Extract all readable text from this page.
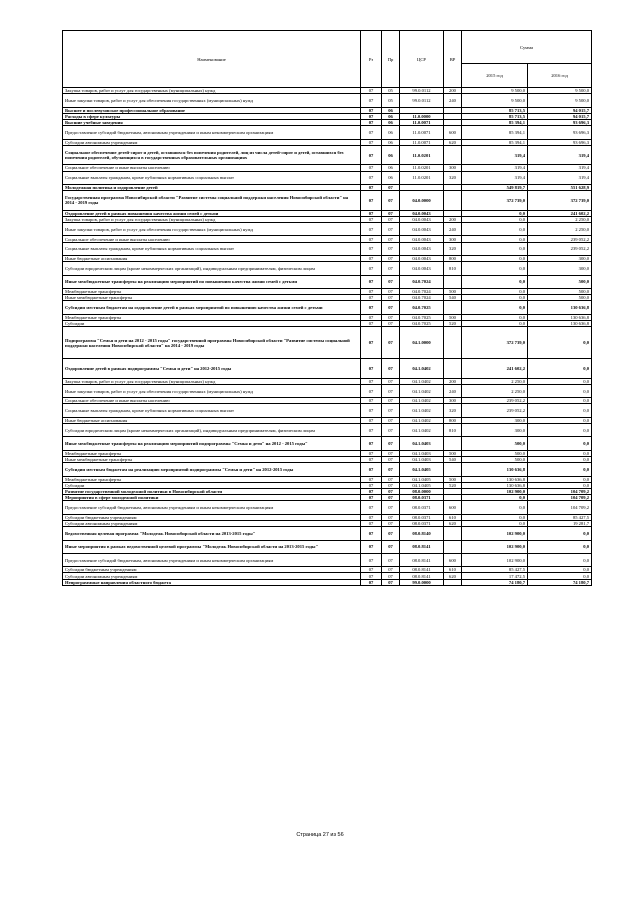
Наименование	Рз	Пр	ЦСР	ВР	Сумма	
					2015 год	2016 год
Закупка товаров, работ и услуг для государственных (муниципальных) нужд	07	05	99.0.0112	200	9 500,0	9 500,0
Иные закупки товаров, работ и услуг для обеспечения государственных (муниципальных) нужд	07	05	99.0.0112	240	9 500,0	9 500,0
Высшее и послевузовское профессиональное образование	07	06			85 713,5	94 015,7
Расходы в сфере культуры	07	06	11.0.0000		85 713,5	94 015,7
Высшие учебные заведения	07	06	11.0.0071		85 394,1	93 696,3
Предоставление субсидий бюджетным, автономным учреждениям и иным некоммерческим организациям	07	06	11.0.0071	600	85 394,1	93 696,3
Субсидии автономным учреждениям	07	06	11.0.0071	620	85 394,1	93 696,3
Социальное обеспечение детей-сирот и детей, оставшихся без попечения родителей, лиц из числа детей-сирот и детей, оставшихся без попечения родителей, обучающихся в государственных образовательных организациях	07	06	11.0.0201		319,4	319,4
Социальное обеспечение и иные выплаты населению	07	06	11.0.0201	300	319,4	319,4
Социальные выплаты гражданам, кроме публичных нормативных социальных выплат	07	06	11.0.0201	320	319,4	319,4
Молодежная политика и оздоровление детей	07	07			549 819,7	551 628,9
Государственная программа Новосибирской области "Развитие системы социальной поддержки населения Новосибирской области" на 2014 - 2019 годы	07	07	04.0.0000		372 739,0	372 739,0
Оздоровление детей в рамках повышения качества жизни семей с детьми	07	07	04.0.0043		0,0	241 602,2
Закупка товаров, работ и услуг для государственных (муниципальных) нужд	07	07	04.0.0043	200	0,0	2 250,0
Иные закупки товаров, работ и услуг для обеспечения государственных (муниципальных) нужд	07	07	04.0.0043	240	0,0	2 250,0
Социальное обеспечение и иные выплаты населению	07	07	04.0.0043	300	0,0	239 052,2
Социальные выплаты гражданам, кроме публичных нормативных социальных выплат	07	07	04.0.0043	320	0,0	239 052,2
Иные бюджетные ассигнования	07	07	04.0.0043	800	0,0	300,0
Субсидии юридическим лицам (кроме некоммерческих организаций), индивидуальным предпринимателям, физическим лицам	07	07	04.0.0043	810	0,0	300,0
Иные межбюджетные трансферты на реализацию мероприятий по повышению качества жизни семей с детьми	07	07	04.0.7024		0,0	500,0
Межбюджетные трансферты	07	07	04.0.7024	500	0,0	500,0
Иные межбюджетные трансферты	07	07	04.0.7024	540	0,0	500,0
Субсидии местным бюджетам на оздоровление детей в рамках мероприятий по повышению качества жизни семей с детьми	07	07	04.0.7025		0,0	130 636,8
Межбюджетные трансферты	07	07	04.0.7025	500	0,0	130 636,8
Субсидии	07	07	04.0.7025	520	0,0	130 636,8
Подпрограмма "Семья и дети на 2012 - 2015 годы" государственной программы Новосибирской области "Развитие системы социальной поддержки населения Новосибирской области" на 2014 - 2019 годы	07	07	04.1.0000		372 739,0	0,0
Оздоровление детей в рамках подпрограммы "Семья и дети" на 2012-2015 годы	07	07	04.1.0402		241 602,2	0,0
Закупка товаров, работ и услуг для государственных (муниципальных) нужд	07	07	04.1.0402	200	2 250,0	0,0
Иные закупки товаров, работ и услуг для обеспечения государственных (муниципальных) нужд	07	07	04.1.0402	240	2 250,0	0,0
Социальное обеспечение и иные выплаты населению	07	07	04.1.0402	300	239 052,2	0,0
Социальные выплаты гражданам, кроме публичных нормативных социальных выплат	07	07	04.1.0402	320	239 052,2	0,0
Иные бюджетные ассигнования	07	07	04.1.0402	800	300,0	0,0
Субсидии юридическим лицам (кроме некоммерческих организаций), индивидуальным предпринимателям, физическим лицам	07	07	04.1.0402	810	300,0	0,0
Иные межбюджетные трансферты на реализацию мероприятий подпрограммы "Семья и дети" на 2012 - 2015 годы"	07	07	04.1.0403		500,0	0,0
Межбюджетные трансферты	07	07	04.1.0403	500	500,0	0,0
Иные межбюджетные трансферты	07	07	04.1.0403	540	500,0	0,0
Субсидии местным бюджетам на реализацию мероприятий подпрограммы "Семья и дети" на 2012-2015 годы	07	07	04.1.0405		130 636,8	0,0
Межбюджетные трансферты	07	07	04.1.0405	500	130 636,8	0,0
Субсидии	07	07	04.1.0405	520	130 636,8	0,0
Развитие государственной молодежной политики в Новосибирской области	07	07	08.0.0000		102 900,0	104 709,2
Мероприятия в сфере молодежной политики	07	07	08.0.0371		0,0	104 709,2
Предоставление субсидий бюджетным, автономным учреждениям и иным некоммерческим организациям	07	07	08.0.0371	600	0,0	104 709,2
Субсидии бюджетным учреждениям	07	07	08.0.0371	610	0,0	85 427,5
Субсидии автономным учреждениям	07	07	08.0.0371	620	0,0	19 281,7
Ведомственная целевая программа "Молодежь Новосибирской области на 2013-2015 годы"	07	07	08.0.8140		102 900,0	0,0
Иные мероприятия в рамках ведомственной целевой программы "Молодежь Новосибирской области на 2013-2015 годы"	07	07	08.0.8141		102 900,0	0,0
Предоставление субсидий бюджетным, автономным учреждениям и иным некоммерческим организациям	07	07	08.0.8141	600	102 900,0	0,0
Субсидии бюджетным учреждениям	07	07	08.0.8141	610	85 427,5	0,0
Субсидии автономным учреждениям	07	07	08.0.8141	620	17 472,5	0,0
Непрограммные направления областного бюджета	07	07	99.0.0000		74 180,7	74 180,7
Страница 27 из 56
